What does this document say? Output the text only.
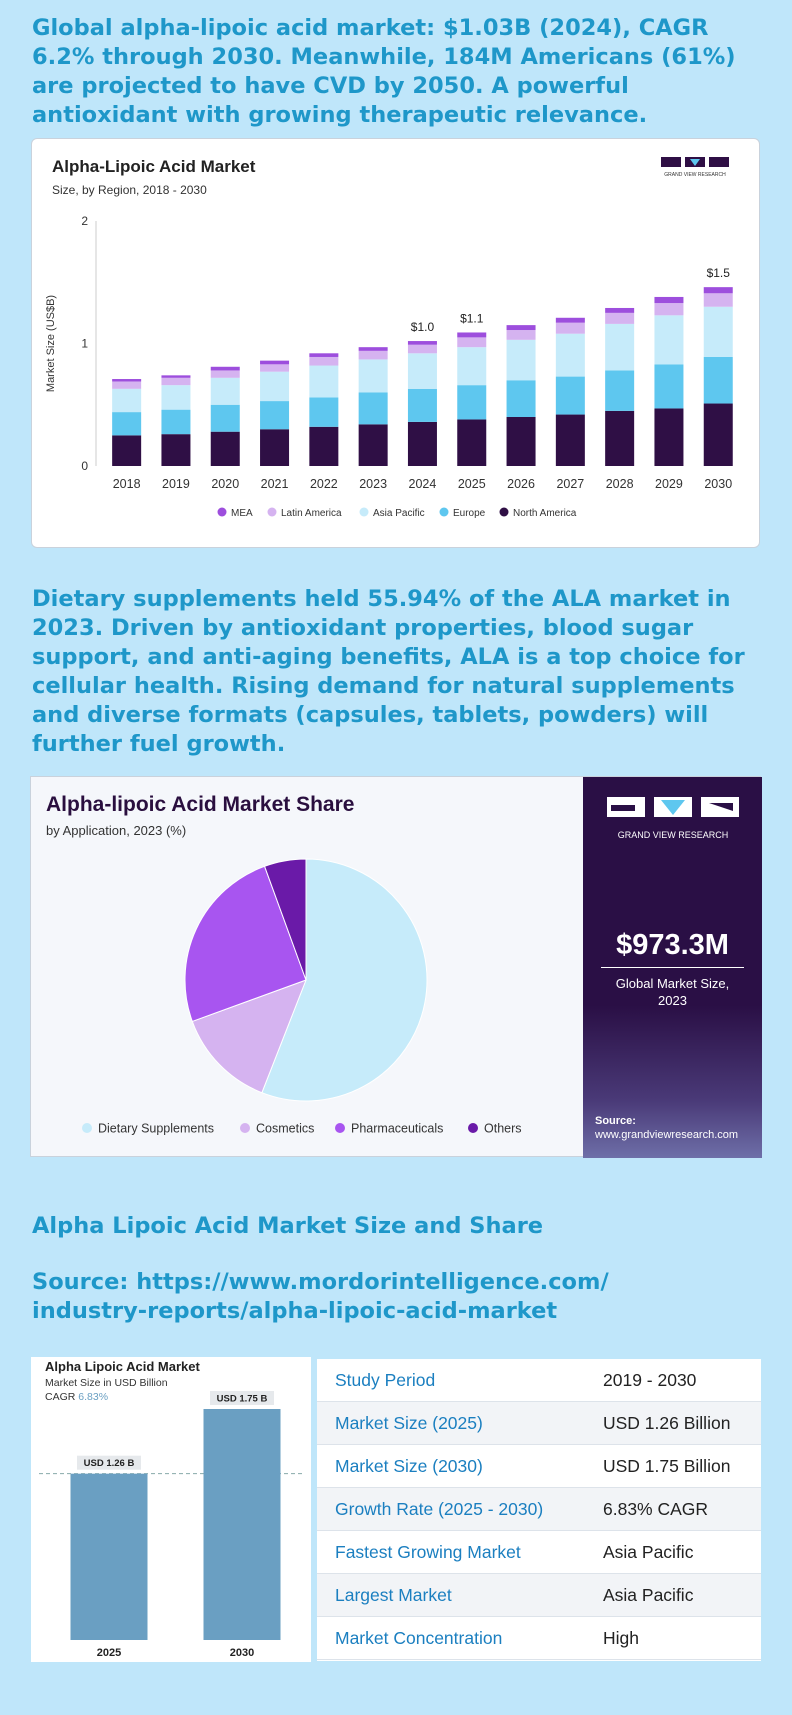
Global alpha-lipoic acid market: $1.03B (2024), CAGR 6.2% through 2030. Meanwhile, 184M Americans (61%) are projected to have CVD by 2050. A powerful antioxidant with growing therapeutic relevance.
Alpha-Lipoic Acid Market
Size, by Region, 2018 - 2030
GRAND VIEW RESEARCH
0
1
2
Market Size (US$B)
2018 2019 2020 2021 2022 2023 2024
$1.0
2025
$1.1
2026 2027 2028 2029 2030
$1.5
MEA	Latin America	Asia Pacific	Europe	North America
Dietary supplements held 55.94% of the ALA market in 2023. Driven by antioxidant properties, blood sugar support, and anti-aging benefits, ALA is a top choice for cellular health. Rising demand for natural supplements and diverse formats (capsules, tablets, powders) will further fuel growth.
Alpha-lipoic Acid Market Share
by Application, 2023 (%)
Dietary Supplements	Cosmetics	Pharmaceuticals	Others
GRAND VIEW RESEARCH
$973.3M
Global Market Size, 2023
Source:
www.grandviewresearch.com
Alpha Lipoic Acid Market Size and Share
Source: https://www.mordorintelligence.com/ industry-reports/alpha-lipoic-acid-market
Alpha Lipoic Acid Market
Market Size in USD Billion
CAGR 6.83%
USD 1.26 B
2025
USD 1.75 B
2030
Study Period	2019 - 2030
Market Size (2025)	USD 1.26 Billion
Market Size (2030)	USD 1.75 Billion
Growth Rate (2025 - 2030)	6.83% CAGR
Fastest Growing Market	Asia Pacific
Largest Market	Asia Pacific
Market Concentration	High
